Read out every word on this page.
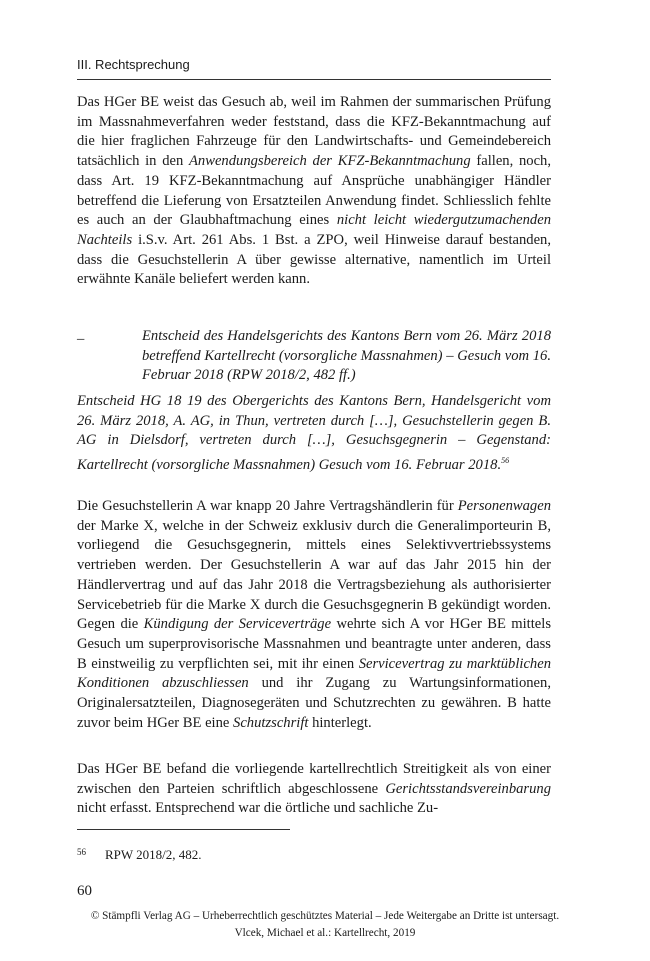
III. Rechtsprechung

Das HGer BE weist das Gesuch ab, weil im Rahmen der summarischen Prüfung im Massnahmeverfahren weder feststand, dass die KFZ-Bekanntmachung auf die hier fraglichen Fahrzeuge für den Landwirtschafts- und Gemeindebereich tatsächlich in den Anwendungsbereich der KFZ-Bekanntmachung fallen, noch, dass Art. 19 KFZ-Bekanntmachung auf Ansprüche unabhängiger Händler betreffend die Lieferung von Ersatzteilen Anwendung findet. Schliesslich fehlte es auch an der Glaubhaftmachung eines nicht leicht wiedergutzumachenden Nachteils i.S.v. Art. 261 Abs. 1 Bst. a ZPO, weil Hinweise darauf bestanden, dass die Gesuchstellerin A über gewisse alternative, namentlich im Urteil erwähnte Kanäle beliefert werden kann.

–	Entscheid des Handelsgerichts des Kantons Bern vom 26. März 2018 betreffend Kartellrecht (vorsorgliche Massnahmen) – Gesuch vom 16. Februar 2018 (RPW 2018/2, 482 ff.)

Entscheid HG 18 19 des Obergerichts des Kantons Bern, Handelsgericht vom 26. März 2018, A. AG, in Thun, vertreten durch […], Gesuchstellerin gegen B. AG in Dielsdorf, vertreten durch […], Gesuchsgegnerin – Gegenstand: Kartellrecht (vorsorgliche Massnahmen) Gesuch vom 16. Februar 2018.56

Die Gesuchstellerin A war knapp 20 Jahre Vertragshändlerin für Personenwagen der Marke X, welche in der Schweiz exklusiv durch die Generalimporteurin B, vorliegend die Gesuchsgegnerin, mittels eines Selektivvertriebssystems vertrieben werden. Der Gesuchstellerin A war auf das Jahr 2015 hin der Händlervertrag und auf das Jahr 2018 die Vertragsbeziehung als authorisierter Servicebetrieb für die Marke X durch die Gesuchsgegnerin B gekündigt worden. Gegen die Kündigung der Serviceverträge wehrte sich A vor HGer BE mittels Gesuch um superprovisorische Massnahmen und beantragte unter anderen, dass B einstweilig zu verpflichten sei, mit ihr einen Servicevertrag zu marktüblichen Konditionen abzuschliessen und ihr Zugang zu Wartungsinformationen, Originalersatzteilen, Diagnosegeräten und Schutzrechten zu gewähren. B hatte zuvor beim HGer BE eine Schutzschrift hinterlegt.

Das HGer BE befand die vorliegende kartellrechtlich Streitigkeit als von einer zwischen den Parteien schriftlich abgeschlossene Gerichtsstandsvereinbarung nicht erfasst. Entsprechend war die örtliche und sachliche Zu-

56 RPW 2018/2, 482.
60
© Stämpfli Verlag AG – Urheberrechtlich geschütztes Material – Jede Weitergabe an Dritte ist untersagt.
Vlcek, Michael et al.: Kartellrecht, 2019
